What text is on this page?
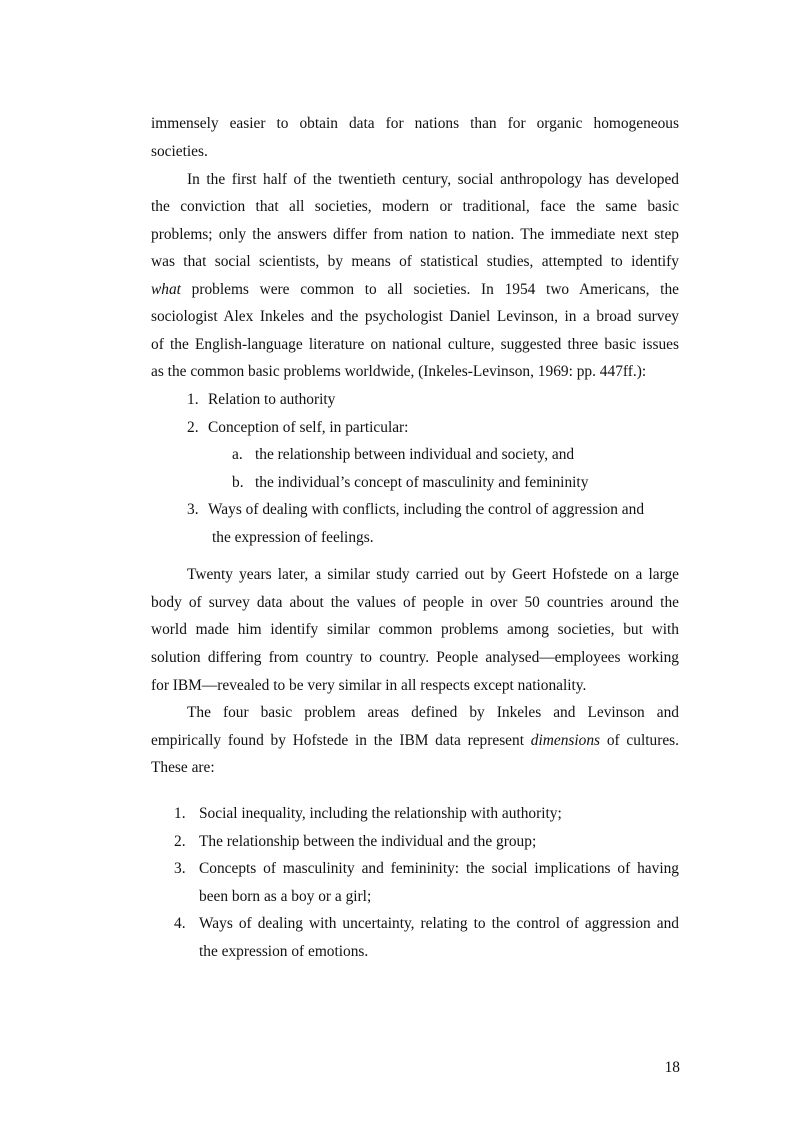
immensely easier to obtain data for nations than for organic homogeneous
societies.
In the first half of the twentieth century, social anthropology has developed
the conviction that all societies, modern or traditional, face the same basic
problems; only the answers differ from nation to nation. The immediate next step
was that social scientists, by means of statistical studies, attempted to identify
what problems were common to all societies. In 1954 two Americans, the
sociologist Alex Inkeles and the psychologist Daniel Levinson, in a broad survey
of the English-language literature on national culture, suggested three basic issues
as the common basic problems worldwide, (Inkeles-Levinson, 1969: pp. 447ff.):
1. Relation to authority
2. Conception of self, in particular:
a. the relationship between individual and society, and
b. the individual’s concept of masculinity and femininity
3. Ways of dealing with conflicts, including the control of aggression and
the expression of feelings.
Twenty years later, a similar study carried out by Geert Hofstede on a large
body of survey data about the values of people in over 50 countries around the
world made him identify similar common problems among societies, but with
solution differing from country to country. People analysed—employees working
for IBM—revealed to be very similar in all respects except nationality.
The four basic problem areas defined by Inkeles and Levinson and
empirically found by Hofstede in the IBM data represent dimensions of cultures.
These are:
1. Social inequality, including the relationship with authority;
2. The relationship between the individual and the group;
3. Concepts of masculinity and femininity: the social implications of having
been born as a boy or a girl;
4. Ways of dealing with uncertainty, relating to the control of aggression and
the expression of emotions.
18
